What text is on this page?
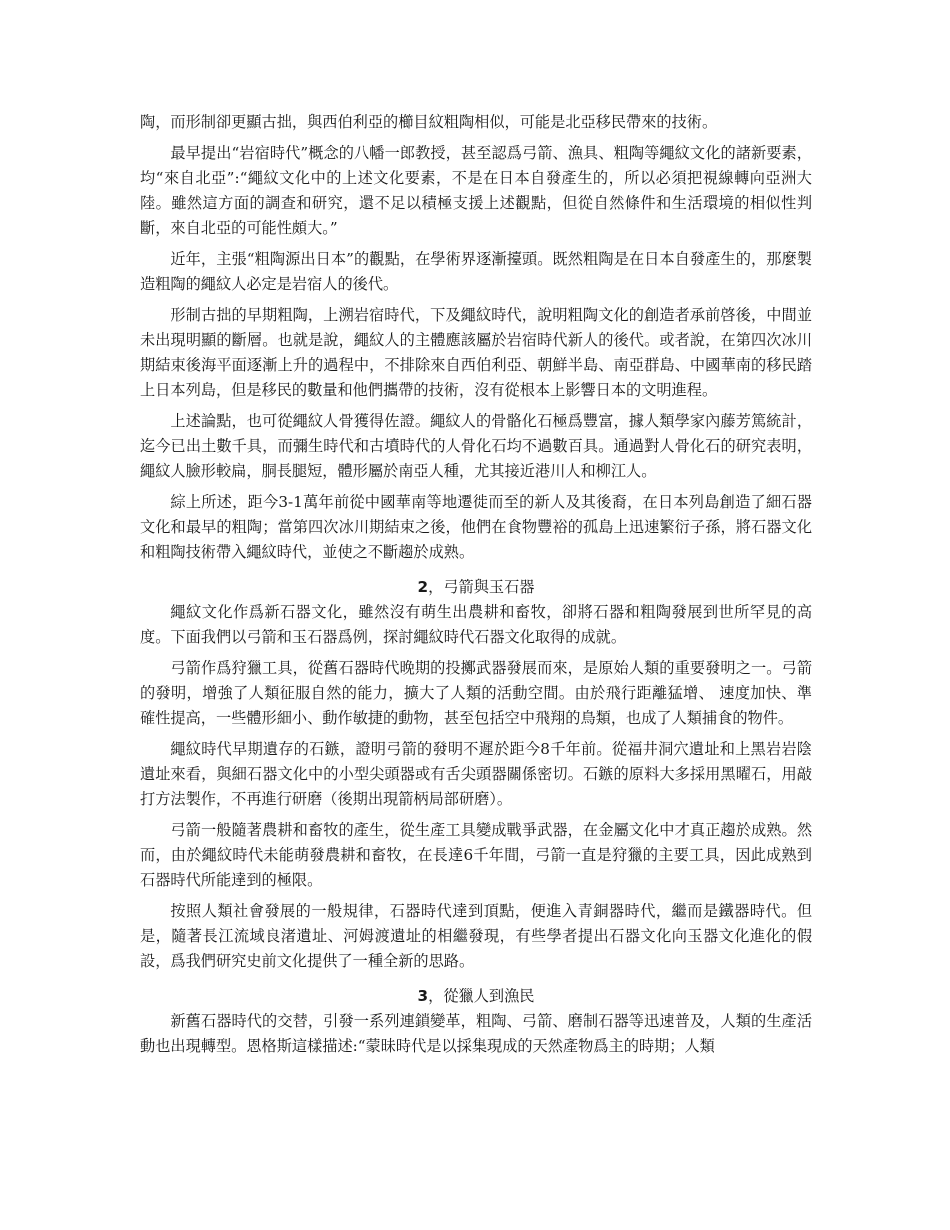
陶，而形制卻更顯古拙，與西伯利亞的櫛目紋粗陶相似，可能是北亞移民帶來的技術。

最早提出“岩宿時代”概念的八幡一郎教授，甚至認爲弓箭、漁具、粗陶等繩紋文化的諸新要素，均“來自北亞”:“繩紋文化中的上述文化要素，不是在日本自發產生的，所以必須把視線轉向亞洲大陸。雖然這方面的調查和研究，還不足以積極支援上述觀點，但從自然條件和生活環境的相似性判斷，來自北亞的可能性頗大。”

近年，主張“粗陶源出日本”的觀點，在學術界逐漸擡頭。既然粗陶是在日本自發產生的，那麼製造粗陶的繩紋人必定是岩宿人的後代。

形制古拙的早期粗陶，上溯岩宿時代，下及繩紋時代，說明粗陶文化的創造者承前啓後，中間並未出現明顯的斷層。也就是說，繩紋人的主體應該屬於岩宿時代新人的後代。或者說，在第四次冰川期結束後海平面逐漸上升的過程中，不排除來自西伯利亞、朝鮮半島、南亞群島、中國華南的移民踏上日本列島，但是移民的數量和他們攜帶的技術，沒有從根本上影響日本的文明進程。

上述論點，也可從繩紋人骨獲得佐證。繩紋人的骨骼化石極爲豐富，據人類學家內藤芳篤統計，迄今已出土數千具，而彌生時代和古墳時代的人骨化石均不過數百具。通過對人骨化石的研究表明，繩紋人臉形較扁，胴長腿短，體形屬於南亞人種，尤其接近港川人和柳江人。

綜上所述，距今3-1萬年前從中國華南等地遷徙而至的新人及其後裔，在日本列島創造了細石器文化和最早的粗陶；當第四次冰川期結束之後，他們在食物豐裕的孤島上迅速繁衍子孫，將石器文化和粗陶技術帶入繩紋時代，並使之不斷趨於成熟。

2，弓箭與玉石器

繩紋文化作爲新石器文化，雖然沒有萌生出農耕和畜牧，卻將石器和粗陶發展到世所罕見的高度。下面我們以弓箭和玉石器爲例，探討繩紋時代石器文化取得的成就。

弓箭作爲狩獵工具，從舊石器時代晚期的投擲武器發展而來，是原始人類的重要發明之一。弓箭的發明，增強了人類征服自然的能力，擴大了人類的活動空間。由於飛行距離猛增、 速度加快、準確性提高，一些體形細小、動作敏捷的動物，甚至包括空中飛翔的鳥類，也成了人類捕食的物件。

繩紋時代早期遺存的石鏃，證明弓箭的發明不遲於距今8千年前。從福井洞穴遺址和上黑岩岩陰遺址來看，與細石器文化中的小型尖頭器或有舌尖頭器關係密切。石鏃的原料大多採用黑曜石，用敲打方法製作，不再進行研磨（後期出現箭柄局部研磨）。

弓箭一般隨著農耕和畜牧的產生，從生產工具變成戰爭武器，在金屬文化中才真正趨於成熟。然而，由於繩紋時代未能萌發農耕和畜牧，在長達6千年間，弓箭一直是狩獵的主要工具，因此成熟到石器時代所能達到的極限。

按照人類社會發展的一般規律，石器時代達到頂點，便進入青銅器時代，繼而是鐵器時代。但是，隨著長江流域良渚遺址、河姆渡遺址的相繼發現，有些學者提出石器文化向玉器文化進化的假設，爲我們研究史前文化提供了一種全新的思路。

3，從獵人到漁民

新舊石器時代的交替，引發一系列連鎖變革，粗陶、弓箭、磨制石器等迅速普及，人類的生產活動也出現轉型。恩格斯這樣描述:“蒙昧時代是以採集現成的天然產物爲主的時期；人類
